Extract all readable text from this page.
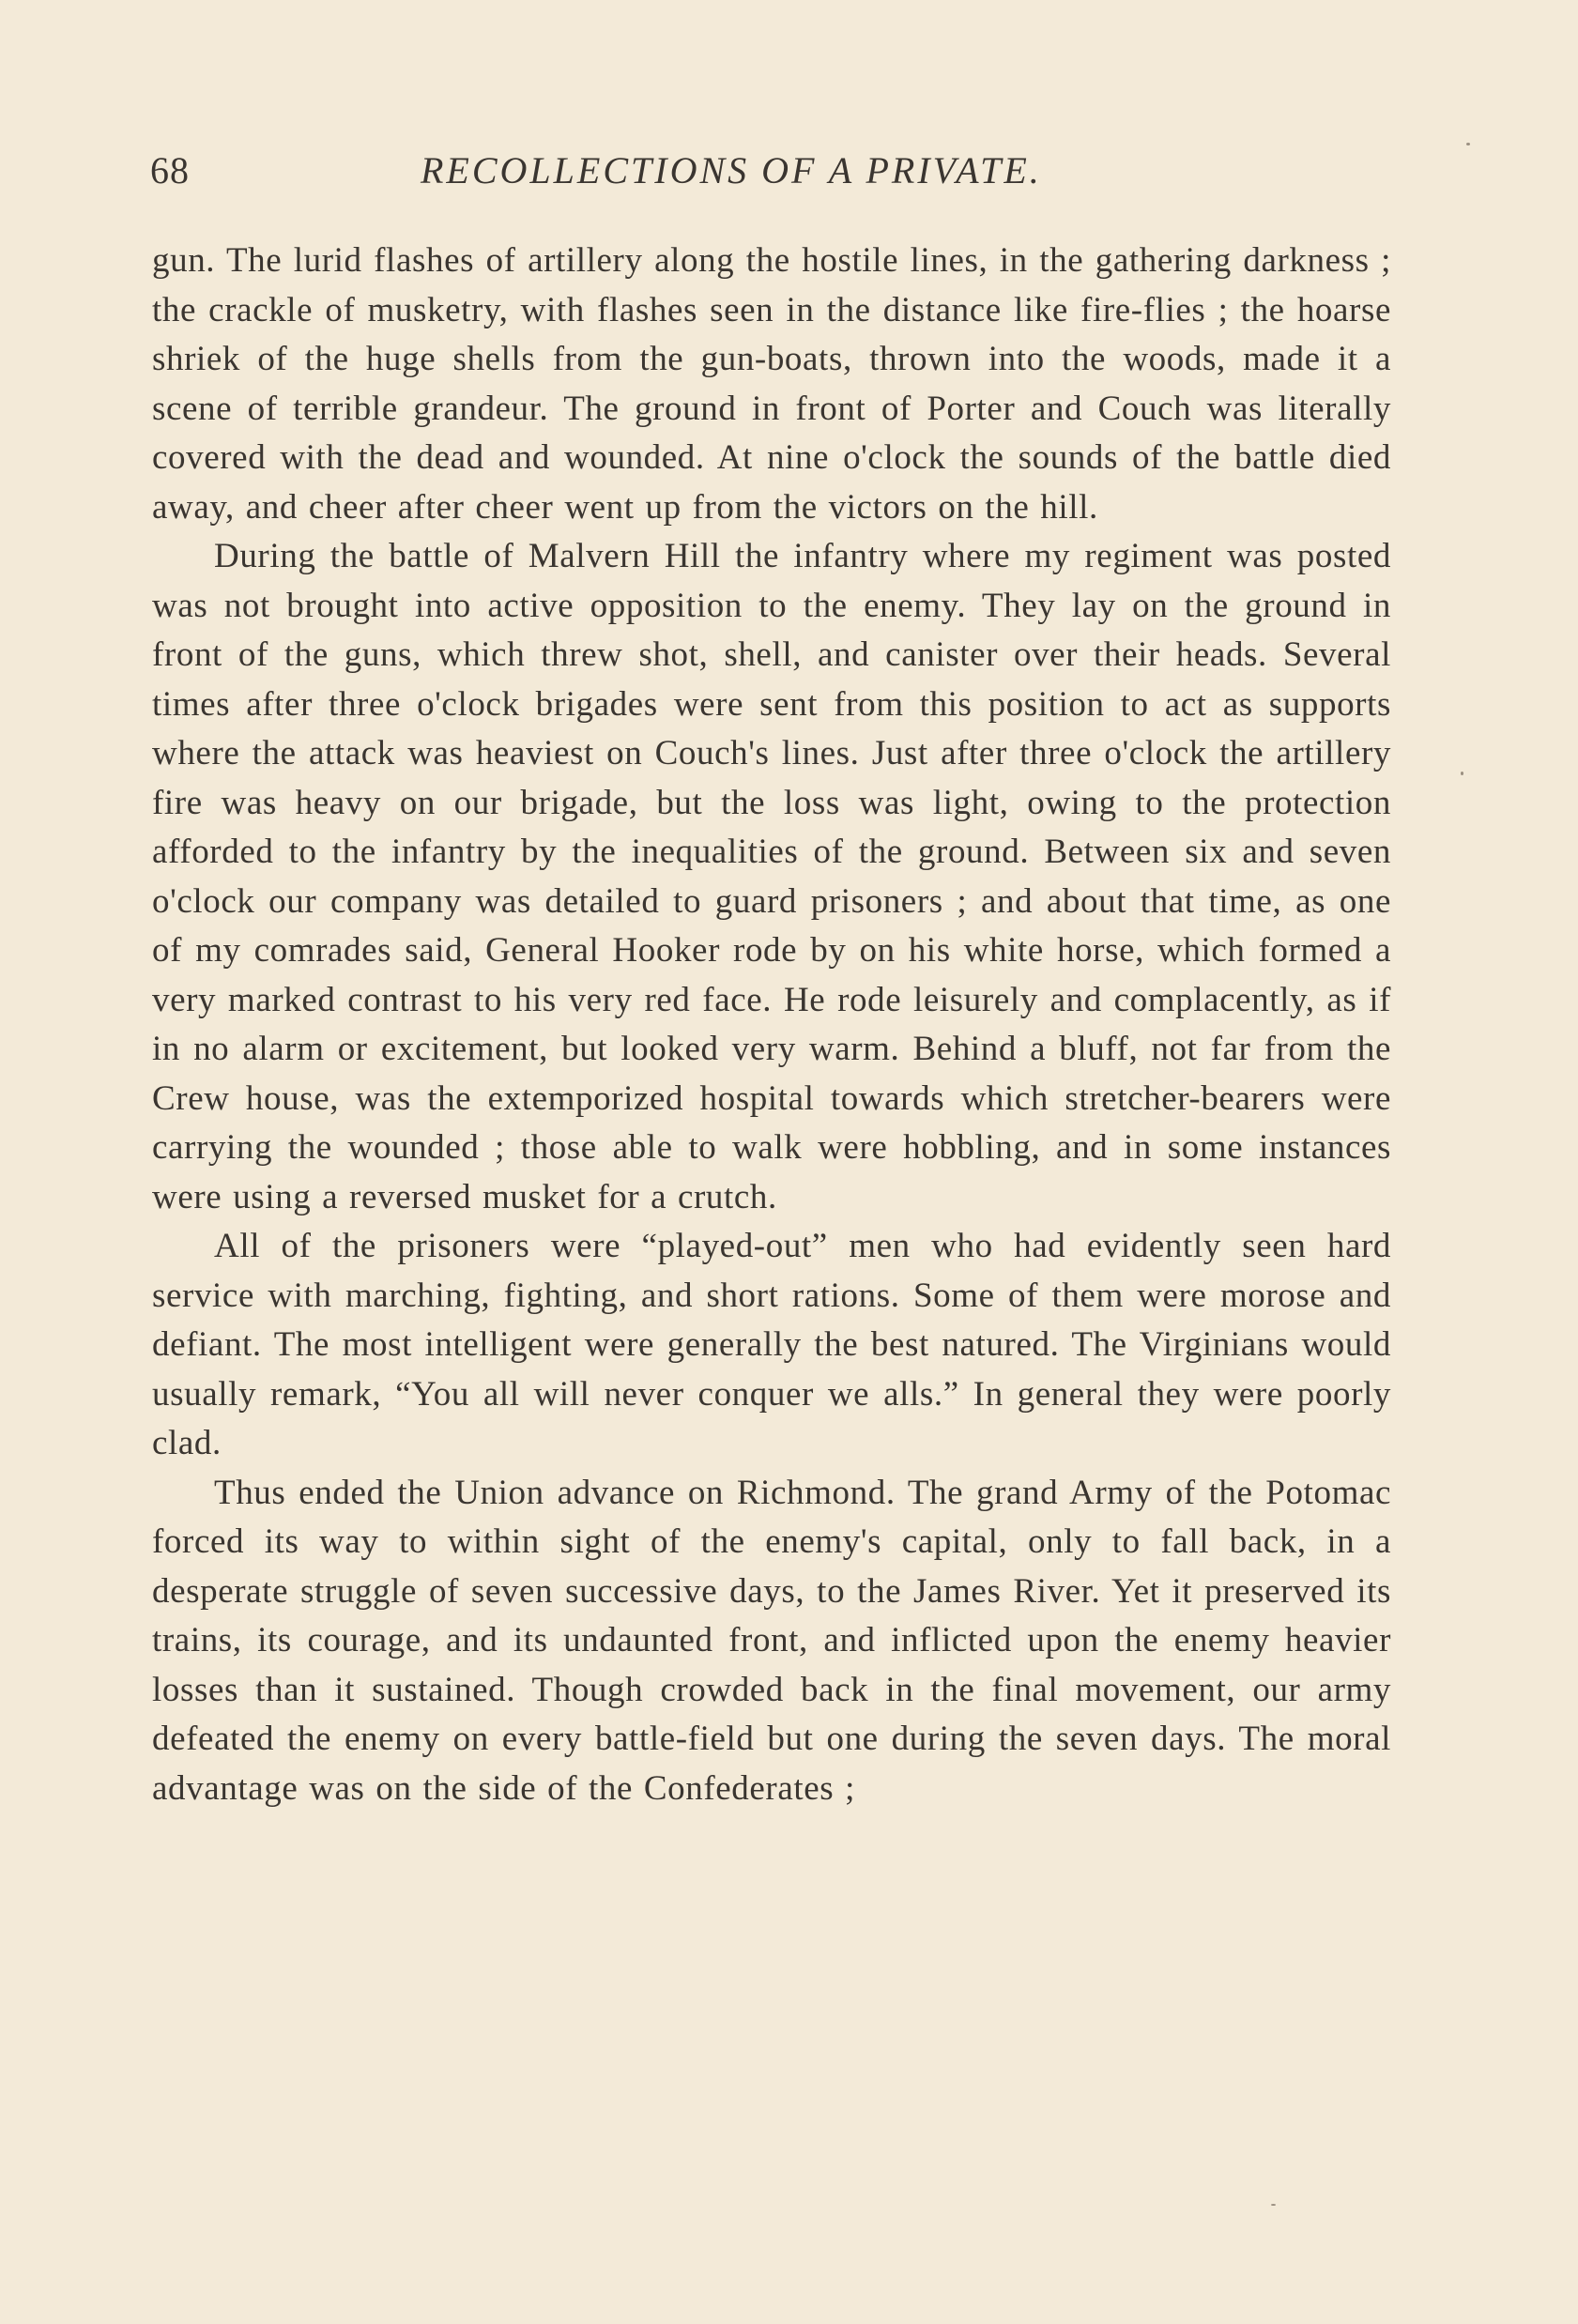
68	RECOLLECTIONS OF A PRIVATE.

gun. The lurid flashes of artillery along the hostile lines, in the gathering darkness ; the crackle of musketry, with flashes seen in the distance like fire-flies ; the hoarse shriek of the huge shells from the gun-boats, thrown into the woods, made it a scene of terrible grandeur. The ground in front of Porter and Couch was literally covered with the dead and wounded. At nine o'clock the sounds of the battle died away, and cheer after cheer went up from the victors on the hill.

During the battle of Malvern Hill the infantry where my regiment was posted was not brought into active opposition to the enemy. They lay on the ground in front of the guns, which threw shot, shell, and canister over their heads. Several times after three o'clock brigades were sent from this position to act as supports where the attack was heaviest on Couch's lines. Just after three o'clock the artillery fire was heavy on our brigade, but the loss was light, owing to the protection afforded to the infantry by the inequalities of the ground. Between six and seven o'clock our company was detailed to guard prisoners ; and about that time, as one of my comrades said, General Hooker rode by on his white horse, which formed a very marked contrast to his very red face. He rode leisurely and complacently, as if in no alarm or excitement, but looked very warm. Behind a bluff, not far from the Crew house, was the extemporized hospital towards which stretcher-bearers were carrying the wounded ; those able to walk were hobbling, and in some instances were using a reversed musket for a crutch.

All of the prisoners were “played-out” men who had evidently seen hard service with marching, fighting, and short rations. Some of them were morose and defiant. The most intelligent were generally the best natured. The Virginians would usually remark, “You all will never conquer we alls.” In general they were poorly clad.

Thus ended the Union advance on Richmond. The grand Army of the Potomac forced its way to within sight of the enemy's capital, only to fall back, in a desperate struggle of seven successive days, to the James River. Yet it preserved its trains, its courage, and its undaunted front, and inflicted upon the enemy heavier losses than it sustained. Though crowded back in the final movement, our army defeated the enemy on every battle-field but one during the seven days. The moral advantage was on the side of the Confederates ;
